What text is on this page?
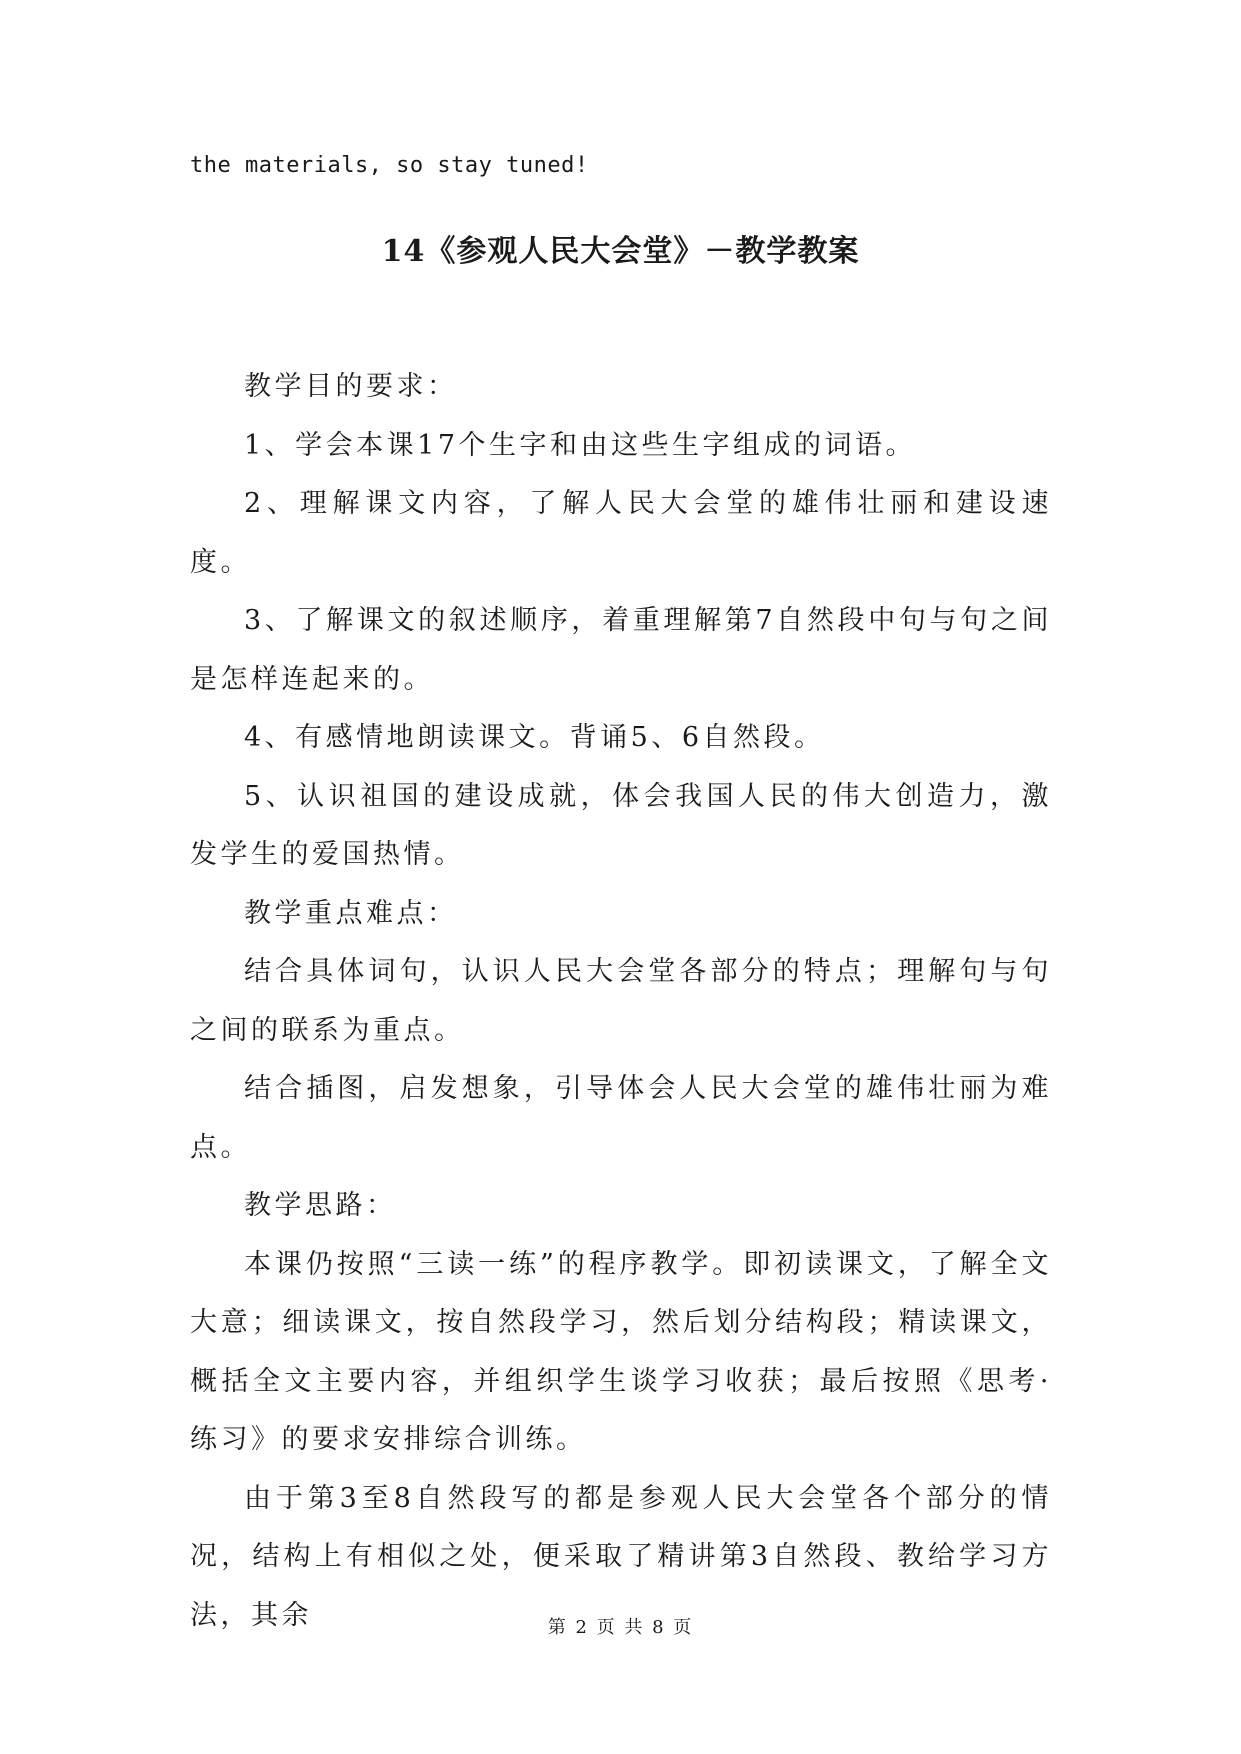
the materials, so stay tuned!
14《参观人民大会堂》－教学教案

教学目的要求：

1、学会本课17个生字和由这些生字组成的词语。

2、理解课文内容，了解人民大会堂的雄伟壮丽和建设速度。

3、了解课文的叙述顺序，着重理解第7自然段中句与句之间是怎样连起来的。

4、有感情地朗读课文。背诵5、6自然段。

5、认识祖国的建设成就，体会我国人民的伟大创造力，激发学生的爱国热情。

教学重点难点：

结合具体词句，认识人民大会堂各部分的特点；理解句与句之间的联系为重点。

结合插图，启发想象，引导体会人民大会堂的雄伟壮丽为难点。

教学思路：

本课仍按照“三读一练”的程序教学。即初读课文，了解全文大意；细读课文，按自然段学习，然后划分结构段；精读课文，概括全文主要内容，并组织学生谈学习收获；最后按照《思考·练习》的要求安排综合训练。

由于第3至8自然段写的都是参观人民大会堂各个部分的情况，结构上有相似之处，便采取了精讲第3自然段、教给学习方法，其余	第 2 页 共 8 页
